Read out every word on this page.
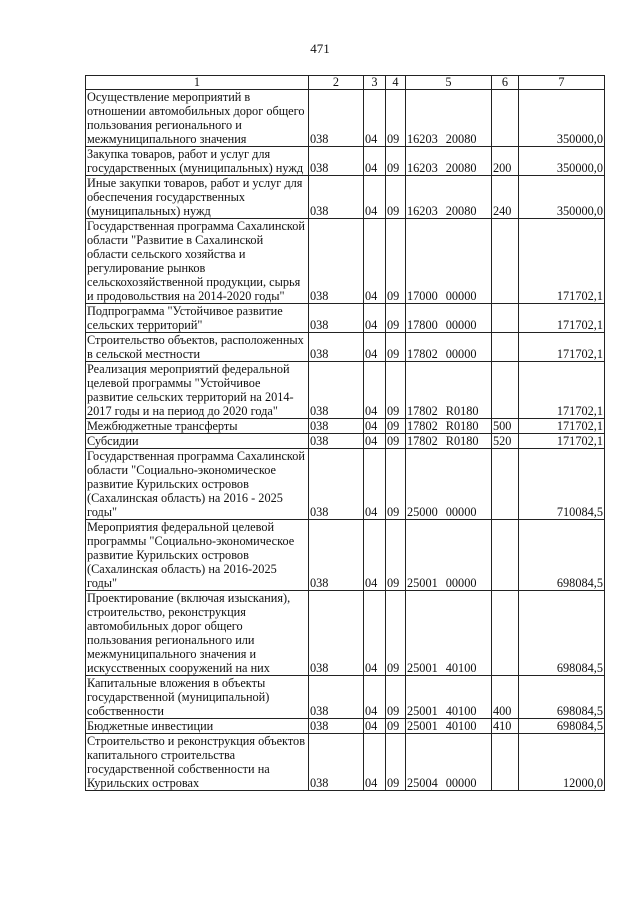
471
1	2	3	4	5	6	7
Осуществление мероприятий в отношении автомобильных дорог общего пользования регионального и межмуниципального значения	038	04	09	16203 20080		350000,0
Закупка товаров, работ и услуг для государственных (муниципальных) нужд	038	04	09	16203 20080	200	350000,0
Иные закупки товаров, работ и услуг для обеспечения государственных (муниципальных) нужд	038	04	09	16203 20080	240	350000,0
Государственная программа Сахалинской области "Развитие в Сахалинской области сельского хозяйства и регулирование рынков сельскохозяйственной продукции, сырья и продовольствия на 2014-2020 годы"	038	04	09	17000 00000		171702,1
Подпрограмма "Устойчивое развитие сельских территорий"	038	04	09	17800 00000		171702,1
Строительство объектов, расположенных в сельской местности	038	04	09	17802 00000		171702,1
Реализация мероприятий федеральной целевой программы "Устойчивое развитие сельских территорий на 2014-2017 годы и на период до 2020 года"	038	04	09	17802 R0180		171702,1
Межбюджетные трансферты	038	04	09	17802 R0180	500	171702,1
Субсидии	038	04	09	17802 R0180	520	171702,1
Государственная программа Сахалинской области "Социально-экономическое развитие Курильских островов (Сахалинская область) на 2016 - 2025 годы"	038	04	09	25000 00000		710084,5
Мероприятия федеральной целевой программы "Социально-экономическое развитие Курильских островов (Сахалинская область) на 2016-2025 годы"	038	04	09	25001 00000		698084,5
Проектирование (включая изыскания), строительство, реконструкция автомобильных дорог общего пользования регионального или межмуниципального значения и искусственных сооружений на них	038	04	09	25001 40100		698084,5
Капитальные вложения в объекты государственной (муниципальной) собственности	038	04	09	25001 40100	400	698084,5
Бюджетные инвестиции	038	04	09	25001 40100	410	698084,5
Строительство и реконструкция объектов капитального строительства государственной собственности на Курильских островах	038	04	09	25004 00000		12000,0
